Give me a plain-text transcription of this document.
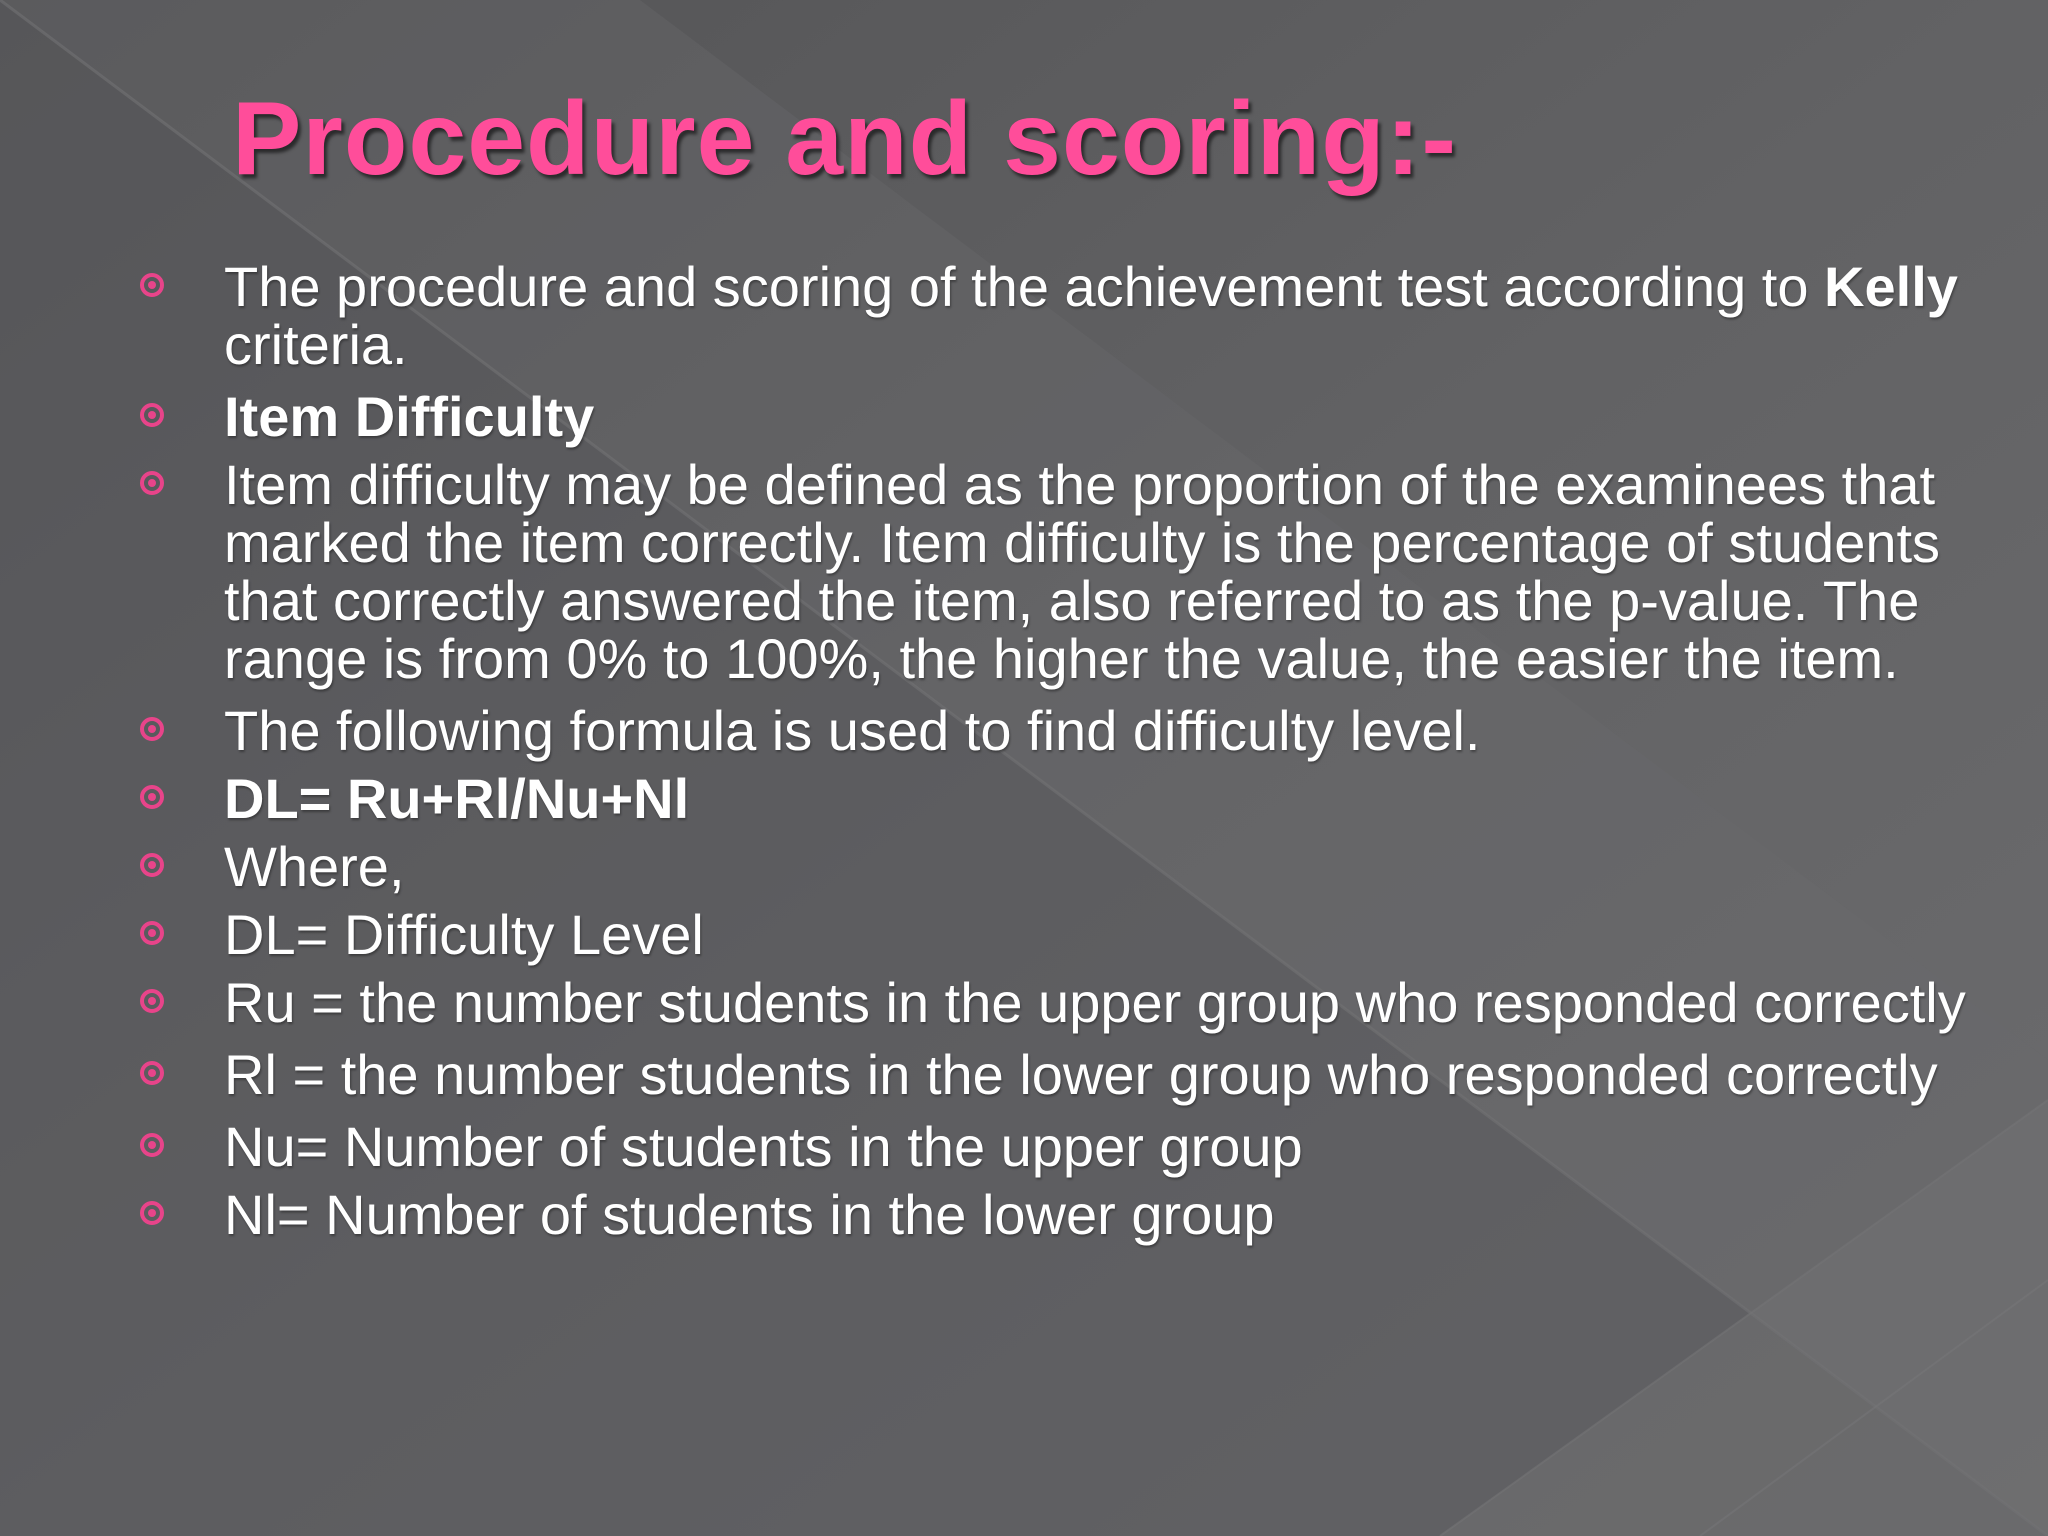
Procedure and scoring:-
The procedure and scoring of the achievement test according to Kelly criteria.
Item Difficulty
Item difficulty may be defined as the proportion of the examinees that marked the item correctly. Item difficulty is the percentage of students that correctly answered the item, also referred to as the p-value. The range is from 0% to 100%, the higher the value, the easier the item.
The following formula is used to find difficulty level.
DL= Ru+Rl/Nu+Nl
Where,
DL= Difficulty Level
Ru = the number students in the upper group who responded correctly
Rl = the number students in the lower group who responded correctly
Nu= Number of students in the upper group
Nl= Number of students in the lower group
